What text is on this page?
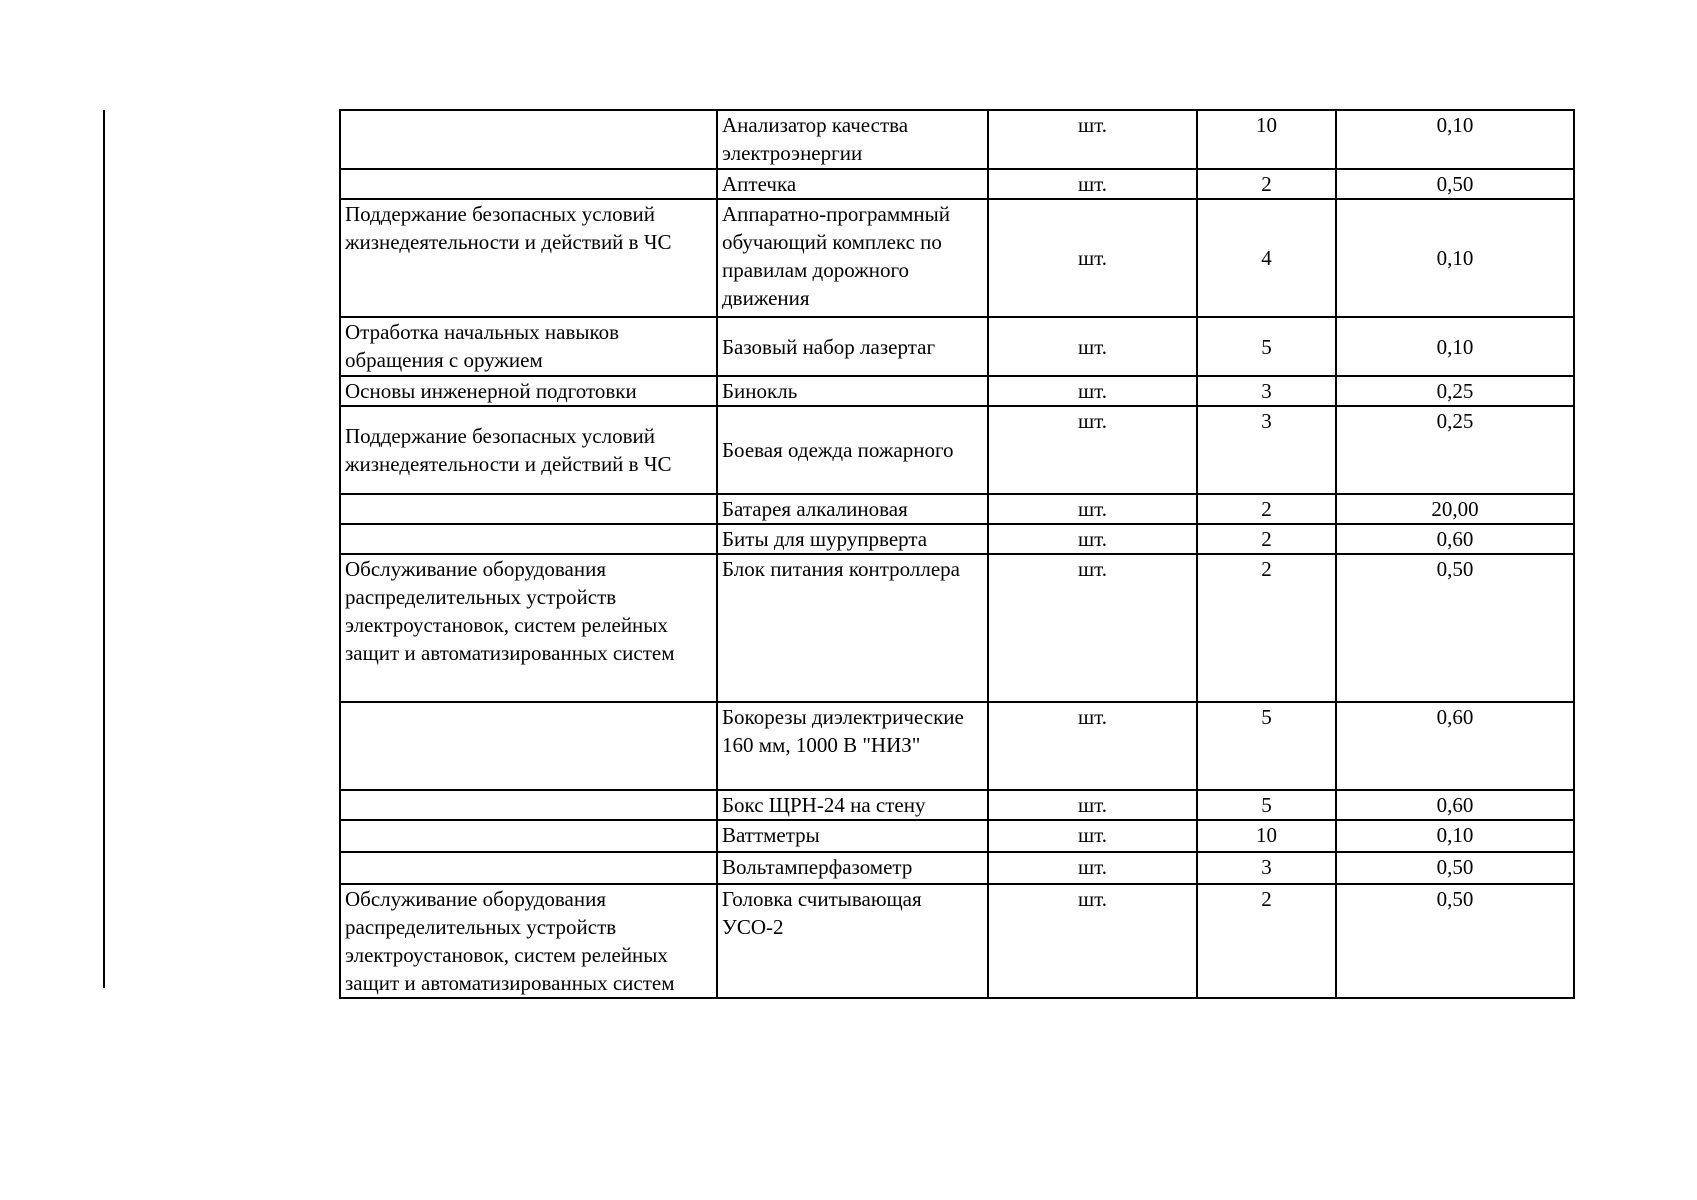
	Анализатор качества электроэнергии	шт.	10	0,10
	Аптечка	шт.	2	0,50
Поддержание безопасных условий жизнедеятельности и действий в ЧС	Аппаратно-программный обучающий комплекс по правилам дорожного движения	шт.	4	0,10
Отработка начальных навыков обращения с оружием	Базовый набор лазертаг	шт.	5	0,10
Основы инженерной подготовки	Бинокль	шт.	3	0,25
Поддержание безопасных условий жизнедеятельности и действий в ЧС	Боевая одежда пожарного	шт.	3	0,25
	Батарея алкалиновая	шт.	2	20,00
	Биты для шурупрверта	шт.	2	0,60
Обслуживание оборудования распределительных устройств электроустановок, систем релейных защит и автоматизированных систем	Блок питания контроллера	шт.	2	0,50
	Бокорезы диэлектрические 160 мм, 1000 В "НИЗ"	шт.	5	0,60
	Бокс ЩРН-24 на стену	шт.	5	0,60
	Ваттметры	шт.	10	0,10
	Вольтамперфазометр	шт.	3	0,50
Обслуживание оборудования распределительных устройств электроустановок, систем релейных защит и автоматизированных систем	Головка считывающая УСО-2	шт.	2	0,50
